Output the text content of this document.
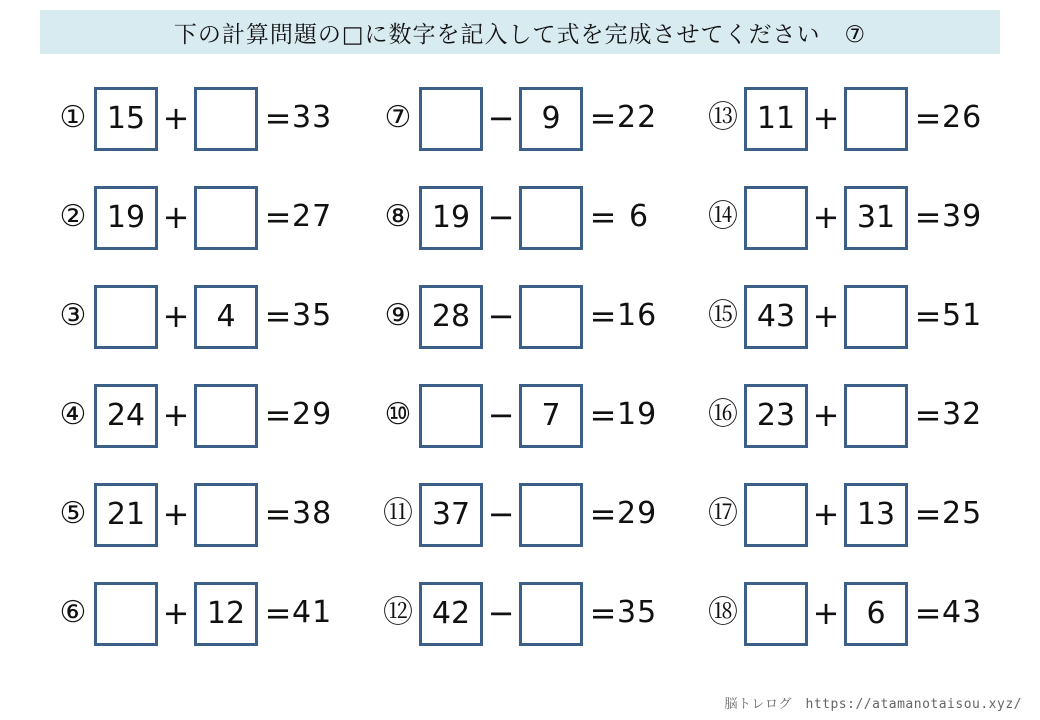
下の計算問題の□に数字を記入して式を完成させてください　⑦
① 15 + = 33
② 19 + = 27
③ + 4 = 35
④ 24 + = 29
⑤ 21 + = 38
⑥ + 12 = 41
⑦ − 9 = 22
⑧ 19 − = 6
⑨ 28 − = 16
⑩ − 7 = 19
⑪ 37 − = 29
⑫ 42 − = 35
⑬ 11 + = 26
⑭ + 31 = 39
⑮ 43 + = 51
⑯ 23 + = 32
⑰ + 13 = 25
⑱ + 6 = 43
脳トレログ　https://atamanotaisou.xyz/
